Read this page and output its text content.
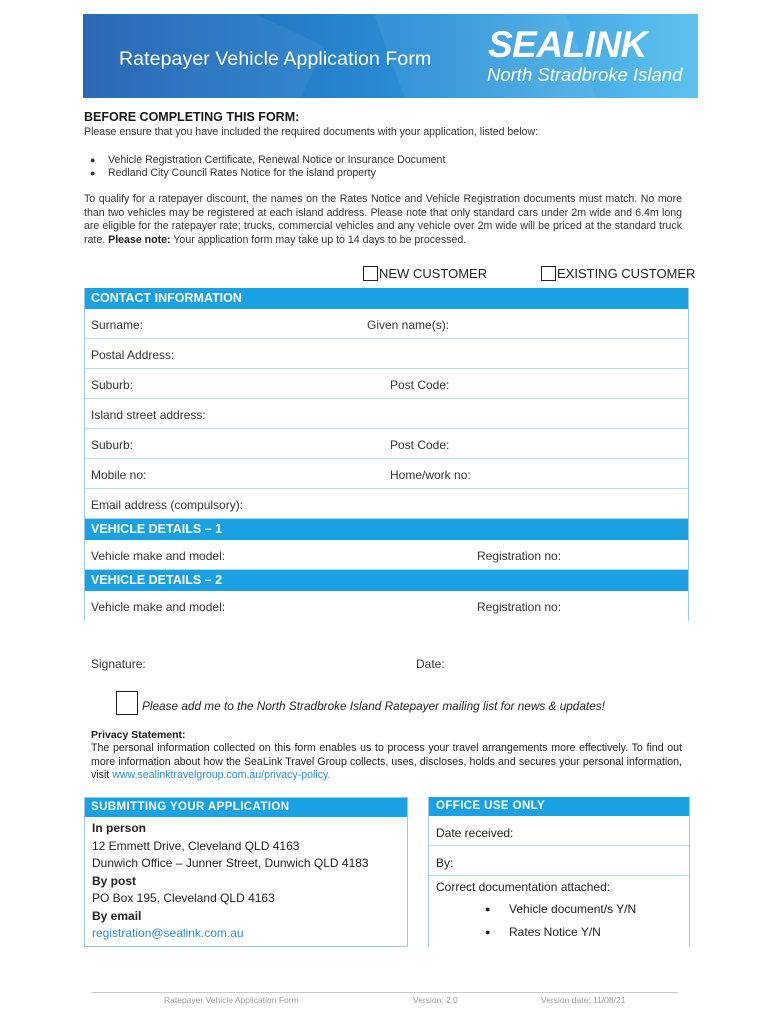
Ratepayer Vehicle Application Form SEALINK
North Stradbroke Island
BEFORE COMPLETING THIS FORM:
Please ensure that you have included the required documents with your application, listed below:
●	Vehicle Registration Certificate, Renewal Notice or Insurance Document
●	Redland City Council Rates Notice for the island property
To qualify for a ratepayer discount, the names on the Rates Notice and Vehicle Registration documents must match. No more than two vehicles may be registered at each island address. Please note that only standard cars under 2m wide and 6.4m long are eligible for the ratepayer rate; trucks, commercial vehicles and any vehicle over 2m wide will be priced at the standard truck rate. Please note: Your application form may take up to 14 days to be processed.
NEW CUSTOMER	EXISTING CUSTOMER
CONTACT INFORMATION
Surname:	Given name(s):
Postal Address:
Suburb:	Post Code:
Island street address:
Suburb:	Post Code:
Mobile no:	Home/work no:
Email address (compulsory):
VEHICLE DETAILS – 1
Vehicle make and model:	Registration no:
VEHICLE DETAILS – 2
Vehicle make and model:	Registration no:
Signature:	Date:
Please add me to the North Stradbroke Island Ratepayer mailing list for news & updates!
Privacy Statement:
The personal information collected on this form enables us to process your travel arrangements more effectively. To find out more information about how the SeaLink Travel Group collects, uses, discloses, holds and secures your personal information, visit www.sealinktravelgroup.com.au/privacy-policy.
SUBMITTING YOUR APPLICATION
In person
12 Emmett Drive, Cleveland QLD 4163
Dunwich Office – Junner Street, Dunwich QLD 4183
By post
PO Box 195, Cleveland QLD 4163
By email
registration@sealink.com.au
OFFICE USE ONLY
Date received:
By:
Correct documentation attached:
●	Vehicle document/s Y/N
●	Rates Notice Y/N
Ratepayer Vehicle Application Form	Version: 2.0	Version date: 11/08/21
